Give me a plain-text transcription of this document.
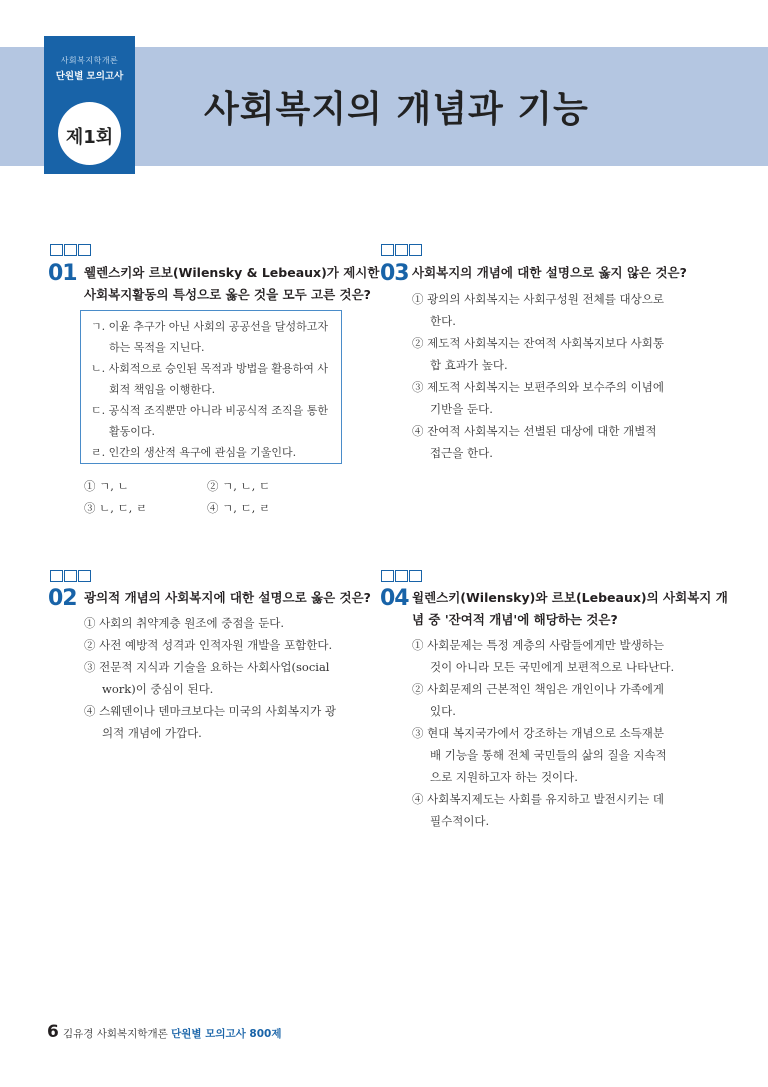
사회복지학개론
단원별 모의고사
제1회
사회복지의 개념과 기능
01 웰렌스키와 르보(Wilensky & Lebeaux)가 제시한
사회복지활동의 특성으로 옳은 것을 모두 고른 것은?
ㄱ. 이윤 추구가 아닌 사회의 공공선을 달성하고자
하는 목적을 지닌다.
ㄴ. 사회적으로 승인된 목적과 방법을 활용하여 사
회적 책임을 이행한다.
ㄷ. 공식적 조직뿐만 아니라 비공식적 조직을 통한
활동이다.
ㄹ. 인간의 생산적 욕구에 관심을 기울인다.
① ㄱ, ㄴ	② ㄱ, ㄴ, ㄷ
③ ㄴ, ㄷ, ㄹ	④ ㄱ, ㄷ, ㄹ
02 광의적 개념의 사회복지에 대한 설명으로 옳은 것은?
① 사회의 취약계층 원조에 중점을 둔다.
② 사전 예방적 성격과 인적자원 개발을 포함한다.
③ 전문적 지식과 기술을 요하는 사회사업(social
work)이 중심이 된다.
④ 스웨덴이나 덴마크보다는 미국의 사회복지가 광
의적 개념에 가깝다.
03 사회복지의 개념에 대한 설명으로 옳지 않은 것은?
① 광의의 사회복지는 사회구성원 전체를 대상으로
한다.
② 제도적 사회복지는 잔여적 사회복지보다 사회통
합 효과가 높다.
③ 제도적 사회복지는 보편주의와 보수주의 이념에
기반을 둔다.
④ 잔여적 사회복지는 선별된 대상에 대한 개별적
접근을 한다.
04 윌렌스키(Wilensky)와 르보(Lebeaux)의 사회복지 개
념 중 '잔여적 개념'에 해당하는 것은?
① 사회문제는 특정 계층의 사람들에게만 발생하는
것이 아니라 모든 국민에게 보편적으로 나타난다.
② 사회문제의 근본적인 책임은 개인이나 가족에게
있다.
③ 현대 복지국가에서 강조하는 개념으로 소득재분
배 기능을 통해 전체 국민들의 삶의 질을 지속적
으로 지원하고자 하는 것이다.
④ 사회복지제도는 사회를 유지하고 발전시키는 데
필수적이다.
6 김유경 사회복지학개론 단원별 모의고사 800제
